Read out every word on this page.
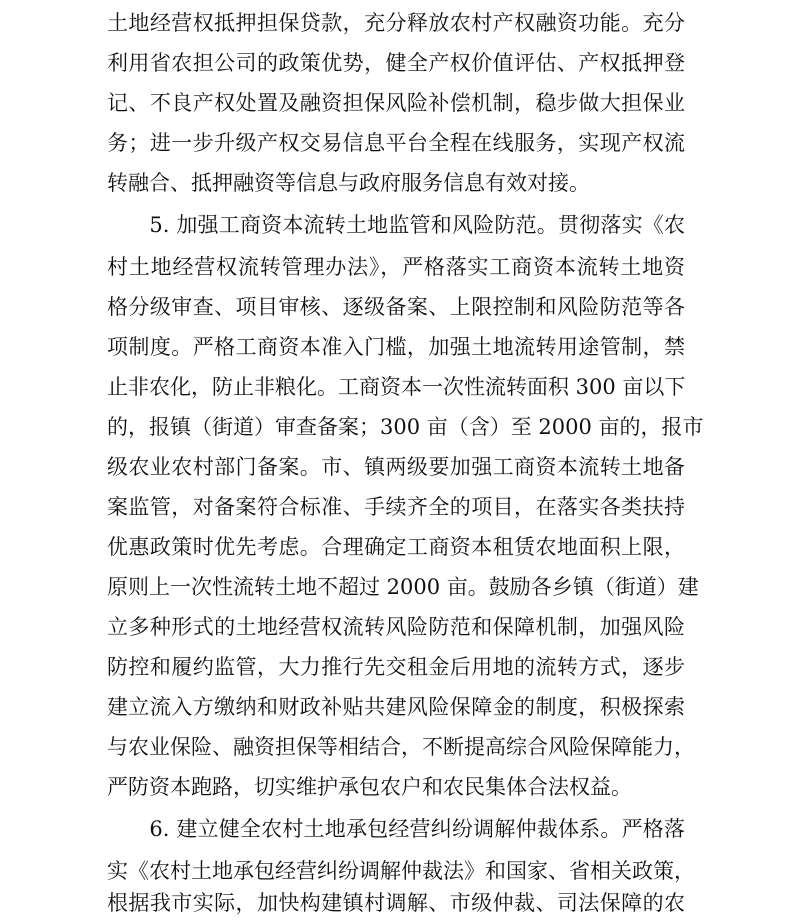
土地经营权抵押担保贷款，充分释放农村产权融资功能。充分
利用省农担公司的政策优势，健全产权价值评估、产权抵押登
记、不良产权处置及融资担保风险补偿机制，稳步做大担保业
务；进一步升级产权交易信息平台全程在线服务，实现产权流
转融合、抵押融资等信息与政府服务信息有效对接。
　　5. 加强工商资本流转土地监管和风险防范。贯彻落实《农
村土地经营权流转管理办法》，严格落实工商资本流转土地资
格分级审查、项目审核、逐级备案、上限控制和风险防范等各
项制度。严格工商资本准入门槛，加强土地流转用途管制，禁
止非农化，防止非粮化。工商资本一次性流转面积 300 亩以下
的，报镇（街道）审查备案；300 亩（含）至 2000 亩的，报市
级农业农村部门备案。市、镇两级要加强工商资本流转土地备
案监管，对备案符合标准、手续齐全的项目，在落实各类扶持
优惠政策时优先考虑。合理确定工商资本租赁农地面积上限，
原则上一次性流转土地不超过 2000 亩。鼓励各乡镇（街道）建
立多种形式的土地经营权流转风险防范和保障机制，加强风险
防控和履约监管，大力推行先交租金后用地的流转方式，逐步
建立流入方缴纳和财政补贴共建风险保障金的制度，积极探索
与农业保险、融资担保等相结合，不断提高综合风险保障能力，
严防资本跑路，切实维护承包农户和农民集体合法权益。
　　6. 建立健全农村土地承包经营纠纷调解仲裁体系。严格落
实《农村土地承包经营纠纷调解仲裁法》和国家、省相关政策，
根据我市实际，加快构建镇村调解、市级仲裁、司法保障的农
